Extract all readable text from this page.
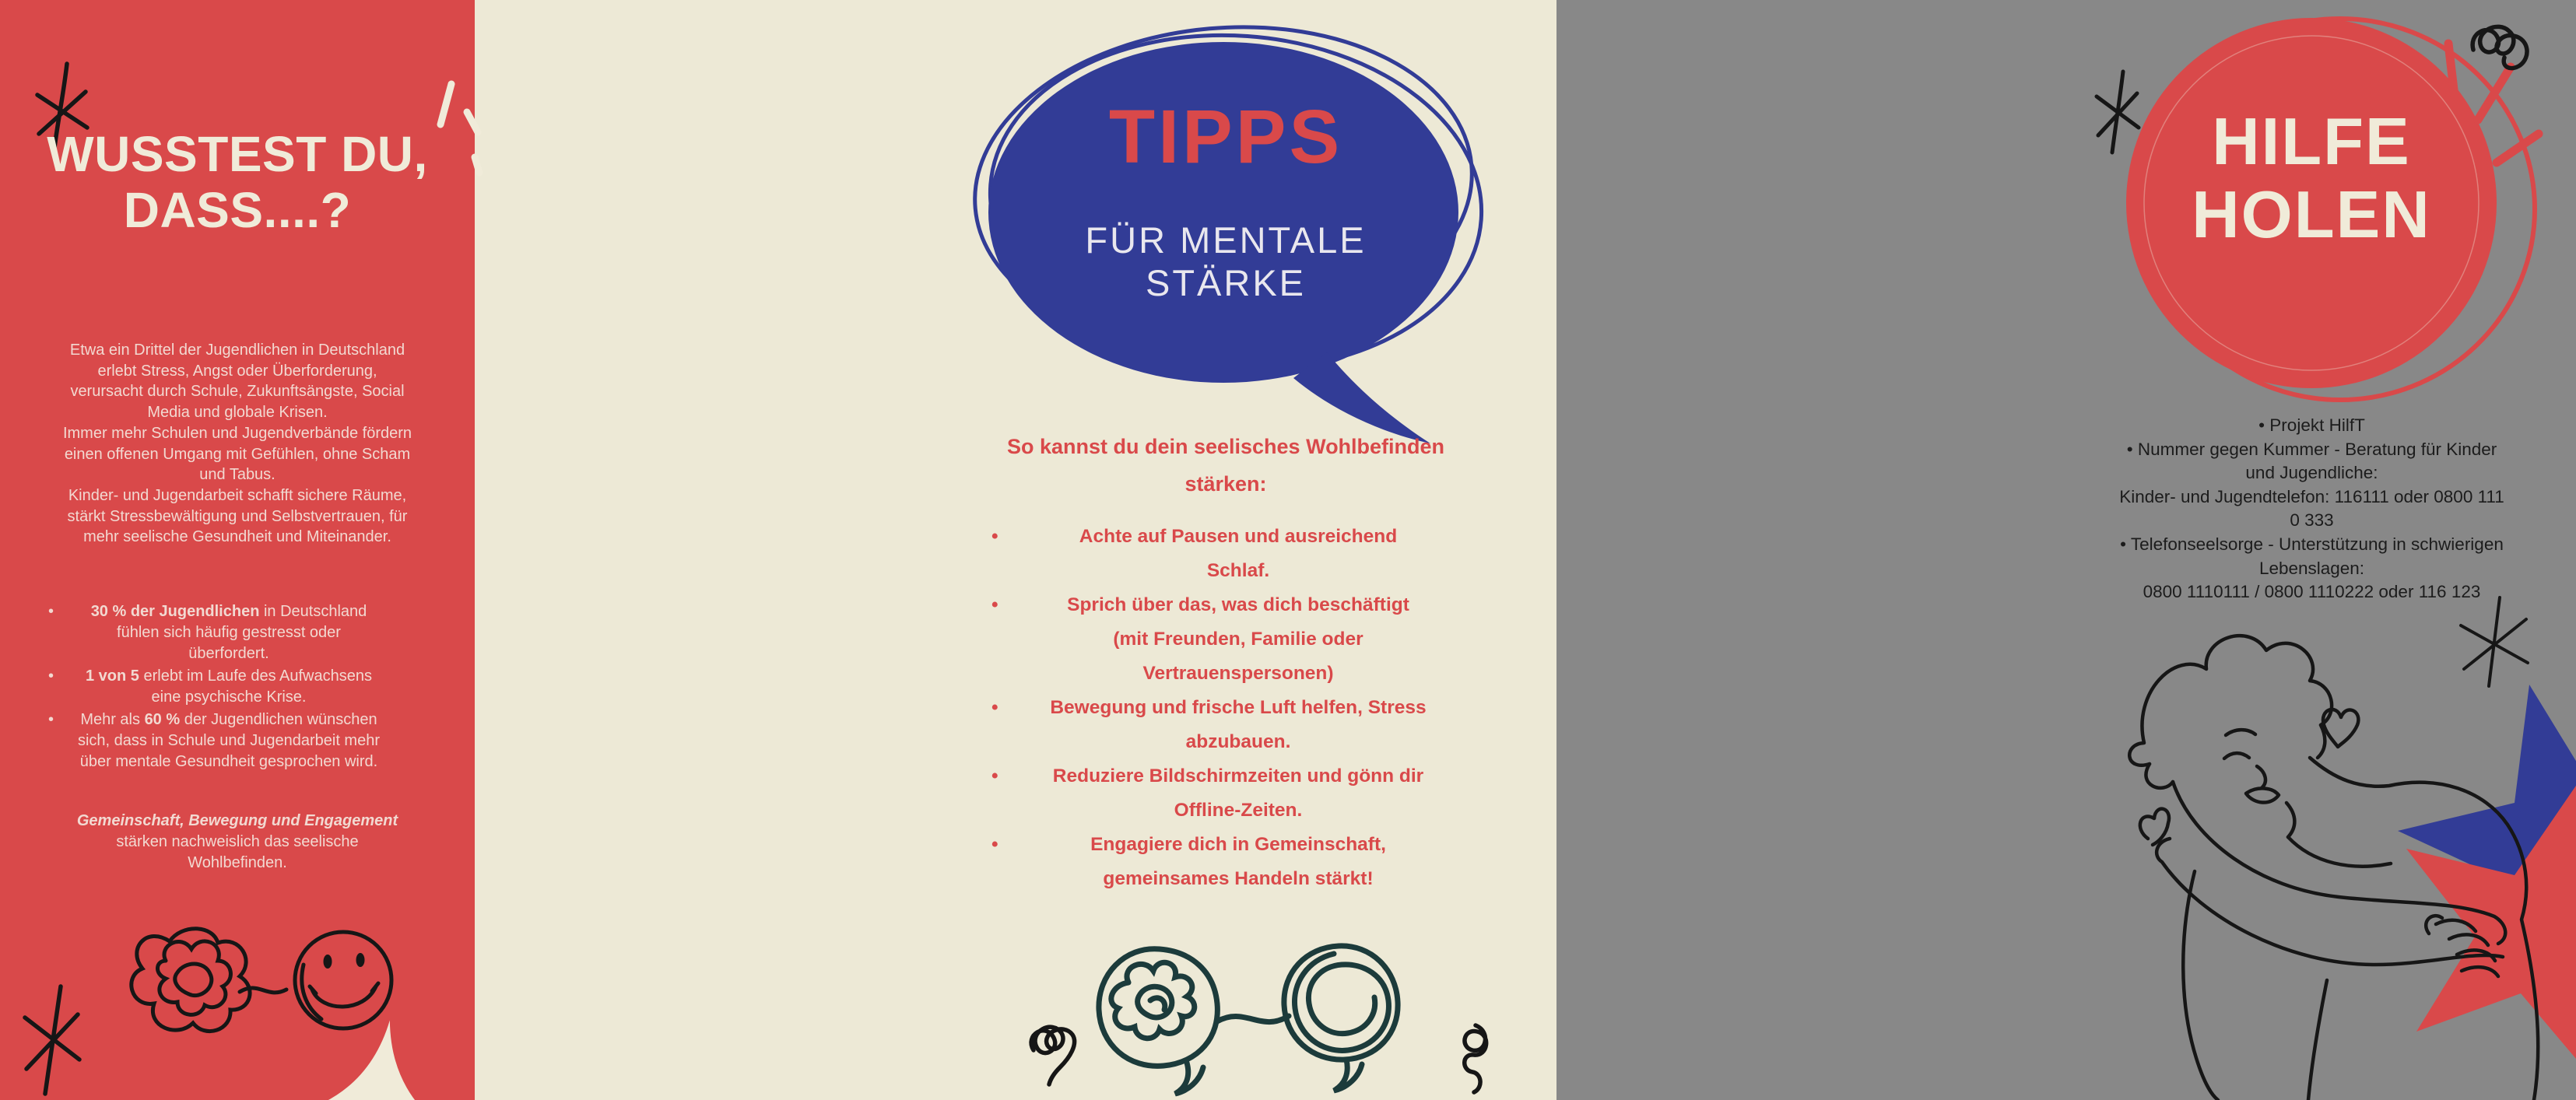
WUSSTEST DU,
DASS....?
Etwa ein Drittel der Jugendlichen in Deutschland
erlebt Stress, Angst oder Überforderung,
verursacht durch Schule, Zukunftsängste, Social
Media und globale Krisen.
Immer mehr Schulen und Jugendverbände fördern
einen offenen Umgang mit Gefühlen, ohne Scham
und Tabus.
Kinder- und Jugendarbeit schafft sichere Räume,
stärkt Stressbewältigung und Selbstvertrauen, für
mehr seelische Gesundheit und Miteinander.
•	30 % der Jugendlichen in Deutschland
fühlen sich häufig gestresst oder
überfordert.
•	1 von 5 erlebt im Laufe des Aufwachsens
eine psychische Krise.
•	Mehr als 60 % der Jugendlichen wünschen
sich, dass in Schule und Jugendarbeit mehr
über mentale Gesundheit gesprochen wird.
Gemeinschaft, Bewegung und Engagement
stärken nachweislich das seelische
Wohlbefinden.
TIPPS
FÜR MENTALE
STÄRKE
So kannst du dein seelisches Wohlbefinden
stärken:
•	Achte auf Pausen und ausreichend
Schlaf.
•	Sprich über das, was dich beschäftigt
(mit Freunden, Familie oder
Vertrauenspersonen)
•	Bewegung und frische Luft helfen, Stress
abzubauen.
•	Reduziere Bildschirmzeiten und gönn dir
Offline-Zeiten.
•	Engagiere dich in Gemeinschaft,
gemeinsames Handeln stärkt!
HILFE
HOLEN
• Projekt HilfT
• Nummer gegen Kummer - Beratung für Kinder
und Jugendliche:
Kinder- und Jugendtelefon: 116111 oder 0800 111
0 333
• Telefonseelsorge - Unterstützung in schwierigen
Lebenslagen:
0800 1110111 / 0800 1110222 oder 116 123
